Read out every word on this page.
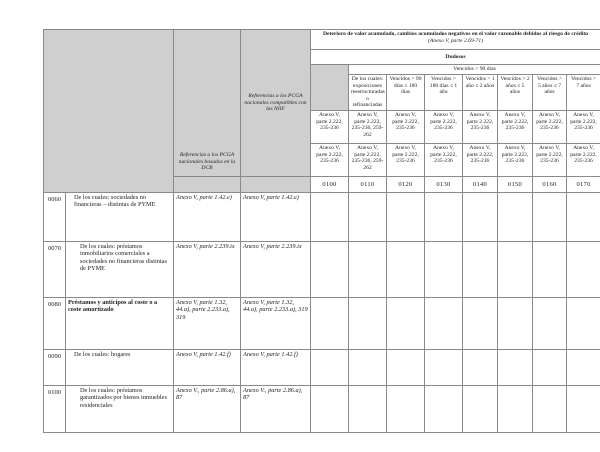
		Referencias a los PCGA nacionales basados en la DCB	Referencias a los PCGA nacionales compatibles con las NIIF	Deterioro de valor acumulado, cambios acumulados negativos en el valor razonable debidos al riesgo de crédito
(Anexo V, parte 2.69-71)							

				Dudosos							
					Vencidos > 90 días						
					De los cuales: exposiciones reestructuradas o refinanciadas	Vencidos > 90 días ≤ 180 días	Vencidos > 180 días ≤ 1 año	Vencidos > 1 año ≤ 2 años	Vencidos > 2 años ≤ 5 años	Vencidos > 5 años ≤ 7 años	Vencidos > 7 años
				Anexo V, parte 2.222, 235-236	Anexo V, parte 2.222, 235-236, 259-262	Anexo V, parte 2.222, 235-236	Anexo V, parte 2.222, 235-236	Anexo V, parte 2.222, 235-236	Anexo V, parte 2.222, 235-236	Anexo V, parte 2.222, 235-236	Anexo V, parte 2.222, 235-236
				Anexo V, parte 2.222, 235-236	Anexo V, parte 2.222, 235-236, 259-262	Anexo V, parte 2.222, 235-236	Anexo V, parte 2.222, 235-236	Anexo V, parte 2.222, 235-236	Anexo V, parte 2.222, 235-236	Anexo V, parte 2.222, 235-236	Anexo V, parte 2.222, 235-236
				0100	0110	0120	0130	0140	0150	0160	0170
0060	De los cuales: sociedades no financieras – distintas de PYME	Anexo V, parte 1.42.e)	Anexo V, parte 1.42.e)								
0070	De los cuales: préstamos inmobiliarios comerciales a sociedades no financieras distintas de PYME	Anexo V, parte 2.239.ix	Anexo V, parte 2.239.ix								
0080	Préstamos y anticipos al coste o a coste amortizado	Anexo V, parte 1.32, 44.a), parte 2.233.a), 319	Anexo V, parte 1.32, 44.a), parte 2.233.a), 319								
0090	De los cuales: hogares	Anexo V, parte 1.42.f)	Anexo V, parte 1.42.f)								
0100	De los cuales: préstamos garantizados por bienes inmuebles residenciales	Anexo V., parte 2.86.a), 87	Anexo V., parte 2.86.a), 87								
